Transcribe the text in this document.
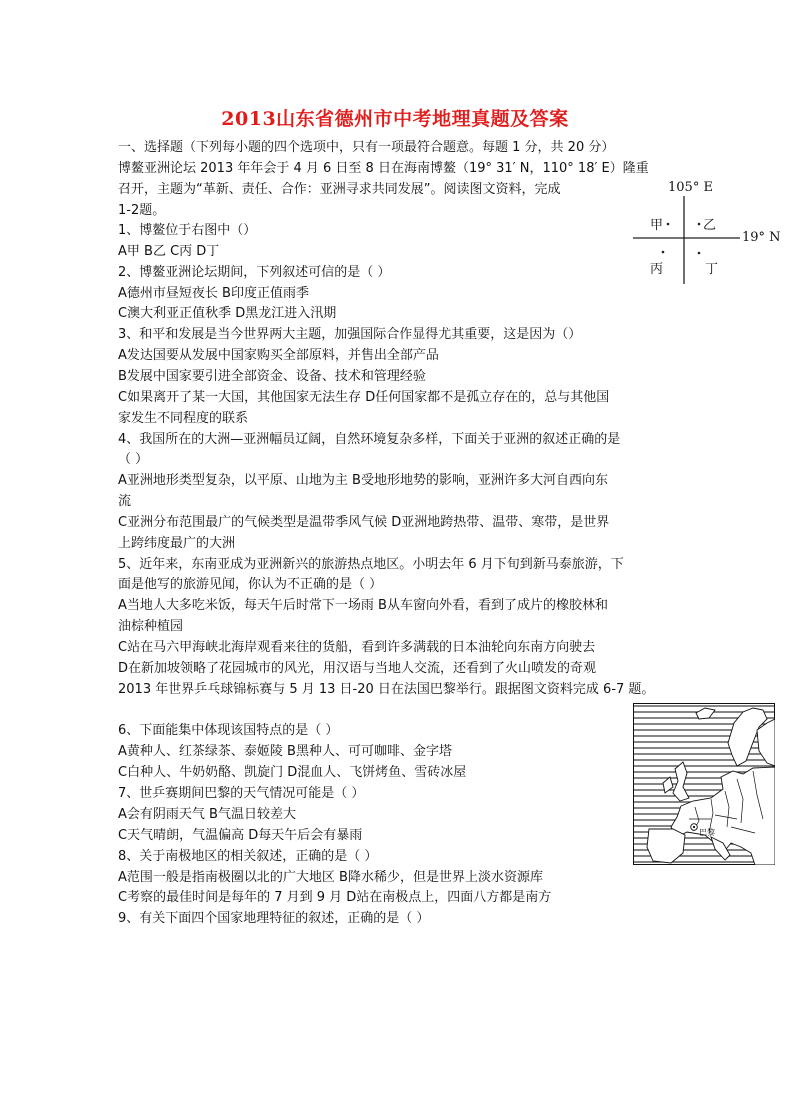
2013山东省德州市中考地理真题及答案
一、选择题（下列每小题的四个选项中，只有一项最符合题意。每题 1 分，共 20 分）
博鳌亚洲论坛 2013 年年会于 4 月 6 日至 8 日在海南博鳌（19° 31′ N，110° 18′ E）隆重
召开，主题为“革新、责任、合作：亚洲寻求共同发展”。阅读图文资料，完成
1-2题。
1、博鳌位于右图中（）
A甲 B乙 C丙 D丁
2、博鳌亚洲论坛期间，下列叙述可信的是（ ）
A德州市昼短夜长 B印度正值雨季
C澳大利亚正值秋季 D黑龙江进入汛期
3、和平和发展是当今世界两大主题，加强国际合作显得尤其重要，这是因为（）
A发达国要从发展中国家购买全部原料，并售出全部产品
B发展中国家要引进全部资金、设备、技术和管理经验
C如果离开了某一大国，其他国家无法生存 D任何国家都不是孤立存在的，总与其他国
家发生不同程度的联系
4、我国所在的大洲—亚洲幅员辽阔，自然环境复杂多样，下面关于亚洲的叙述正确的是
（ ）
A亚洲地形类型复杂，以平原、山地为主 B受地形地势的影响，亚洲许多大河自西向东
流
C亚洲分布范围最广的气候类型是温带季风气候 D亚洲地跨热带、温带、寒带，是世界
上跨纬度最广的大洲
5、近年来，东南亚成为亚洲新兴的旅游热点地区。小明去年 6 月下旬到新马泰旅游，下
面是他写的旅游见闻，你认为不正确的是（ ）
A当地人大多吃米饭，每天午后时常下一场雨 B从车窗向外看，看到了成片的橡胶林和
油棕种植园
C站在马六甲海峡北海岸观看来往的货船，看到许多满载的日本油轮向东南方向驶去
D在新加坡领略了花园城市的风光，用汉语与当地人交流，还看到了火山喷发的奇观
2013 年世界乒乓球锦标赛与 5 月 13 日-20 日在法国巴黎举行。跟据图文资料完成 6-7 题。
6、下面能集中体现该国特点的是（ ）
A黄种人、红茶绿茶、泰姬陵 B黑种人、可可咖啡、金字塔
C白种人、牛奶奶酪、凯旋门 D混血人、飞饼烤鱼、雪砖冰屋
7、世乒赛期间巴黎的天气情况可能是（ ）
A会有阴雨天气 B气温日较差大
C天气晴朗，气温偏高 D每天午后会有暴雨
8、关于南极地区的相关叙述，正确的是（ ）
A范围一般是指南极圈以北的广大地区 B降水稀少，但是世界上淡水资源库
C考察的最佳时间是每年的 7 月到 9 月 D站在南极点上，四面八方都是南方
9、有关下面四个国家地理特征的叙述，正确的是（ ）
105° E
19° N
甲	乙
丙	丁
巴黎
